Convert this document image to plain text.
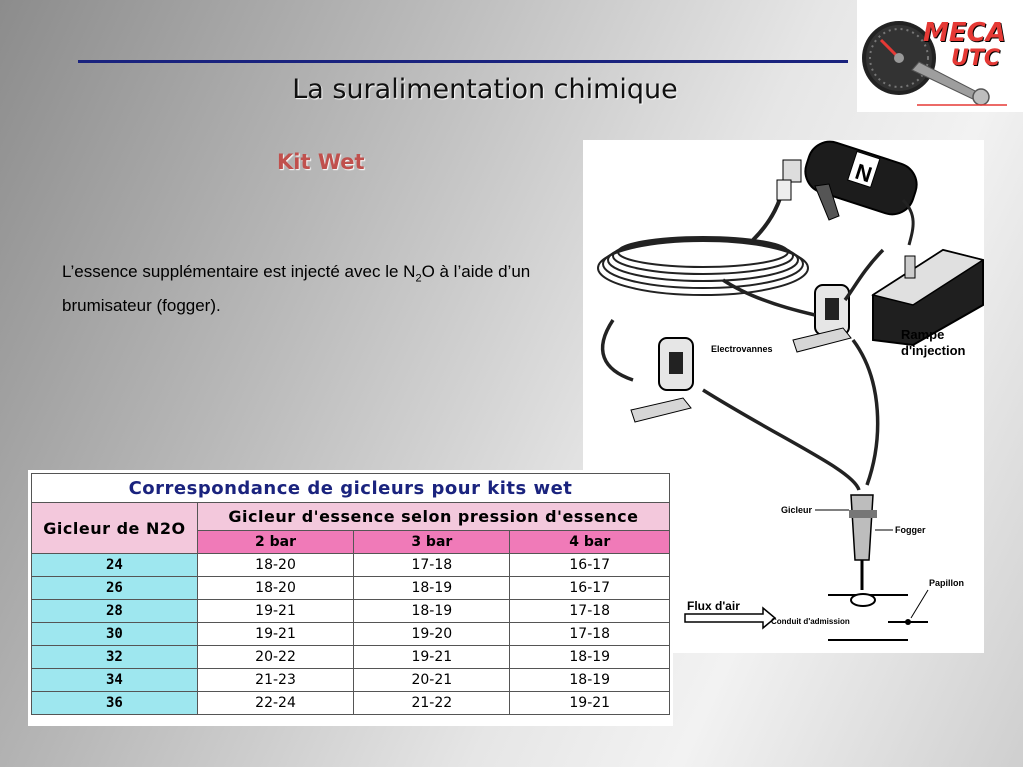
La suralimentation chimique
MECA
UTC
Kit Wet
L’essence supplémentaire est injecté avec le $N_2O$ à l’aide d’un brumisateur (fogger).
N
Rampe
d'injection
Electrovannes
Gicleur
Fogger
Papillon
Flux d'air
Conduit d'admission
Correspondance de gicleurs pour kits wet			
Gicleur de N2O	Gicleur d'essence selon pression d'essence		
	2 bar	3 bar	4 bar
24	18-20	17-18	16-17
26	18-20	18-19	16-17
28	19-21	18-19	17-18
30	19-21	19-20	17-18
32	20-22	19-21	18-19
34	21-23	20-21	18-19
36	22-24	21-22	19-21
